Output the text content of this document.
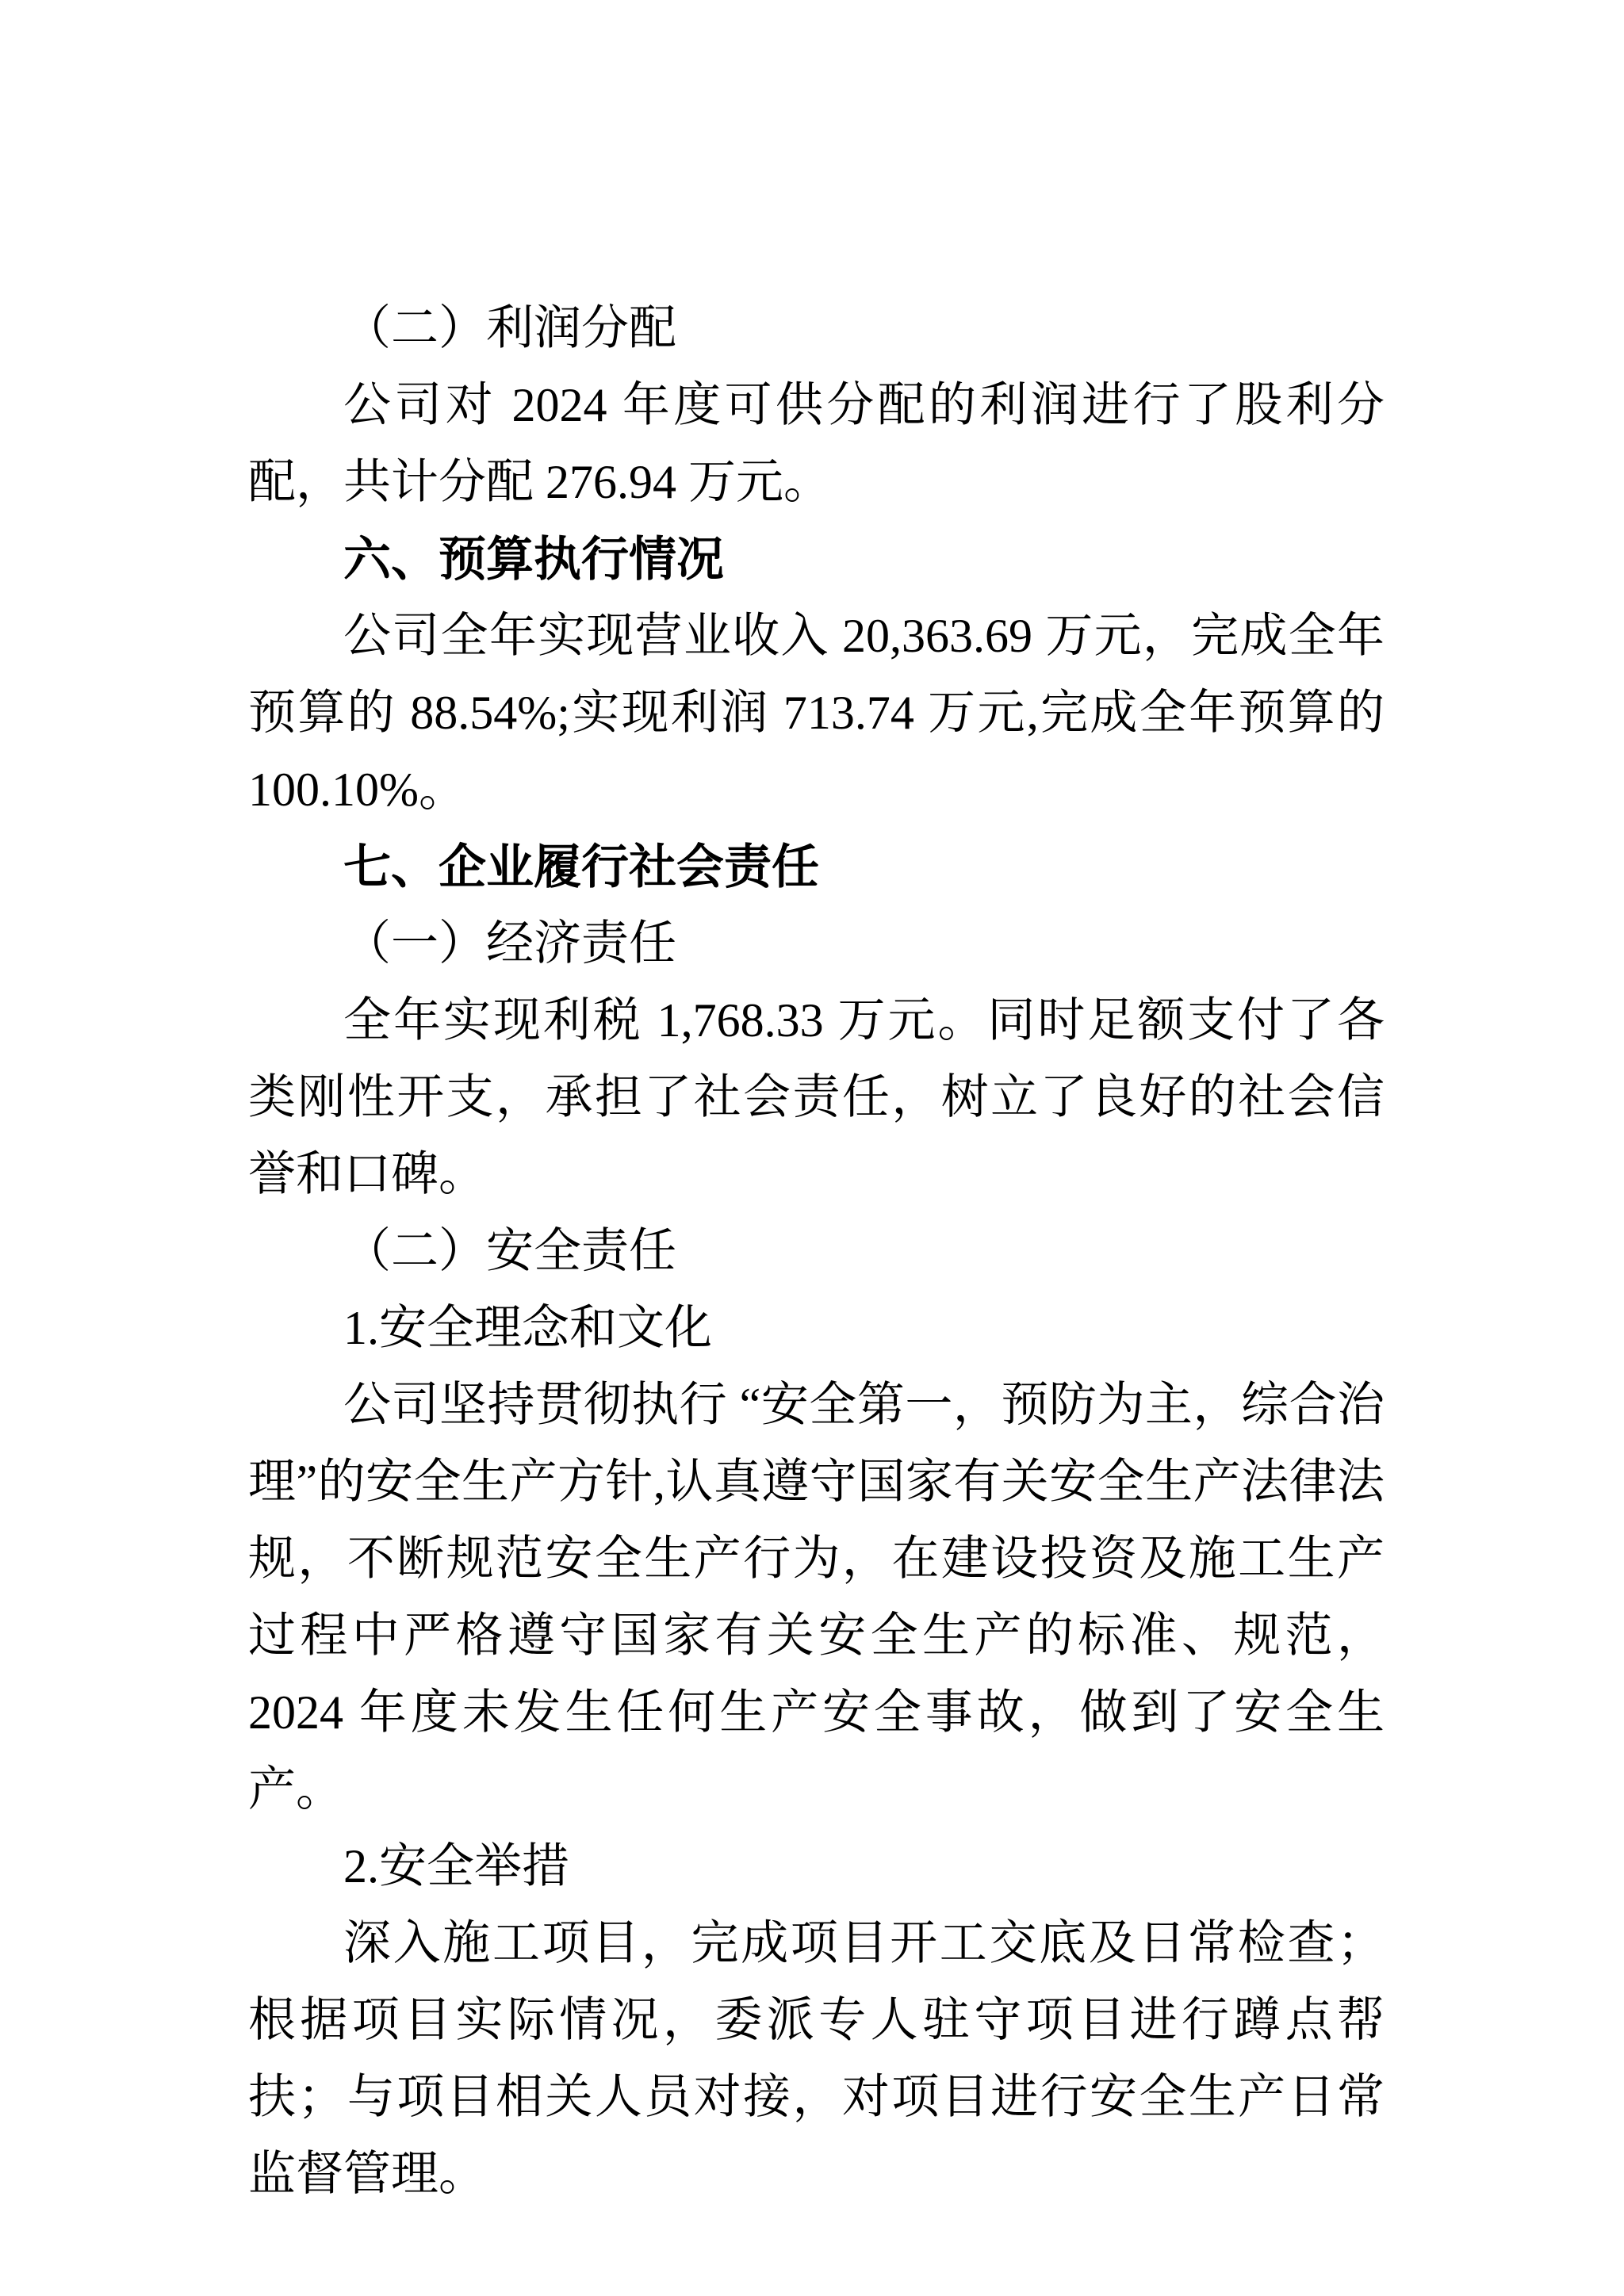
（二）利润分配

公司对 2024 年度可供分配的利润进行了股利分配，共计分配 276.94 万元。

六、预算执行情况

公司全年实现营业收入 20,363.69 万元，完成全年预算的 88.54%;实现利润 713.74 万元,完成全年预算的 100.10%。

七、企业履行社会责任

（一）经济责任

全年实现利税 1,768.33 万元。同时足额支付了各类刚性开支，承担了社会责任，树立了良好的社会信誉和口碑。

（二）安全责任

1.安全理念和文化

公司坚持贯彻执行 “安全第一，预防为主，综合治理”的安全生产方针,认真遵守国家有关安全生产法律法规，不断规范安全生产行为，在建设投资及施工生产过程中严格遵守国家有关安全生产的标准、规范，2024 年度未发生任何生产安全事故，做到了安全生产。

2.安全举措

深入施工项目，完成项目开工交底及日常检查；根据项目实际情况，委派专人驻守项目进行蹲点帮扶；与项目相关人员对接，对项目进行安全生产日常监督管理。
